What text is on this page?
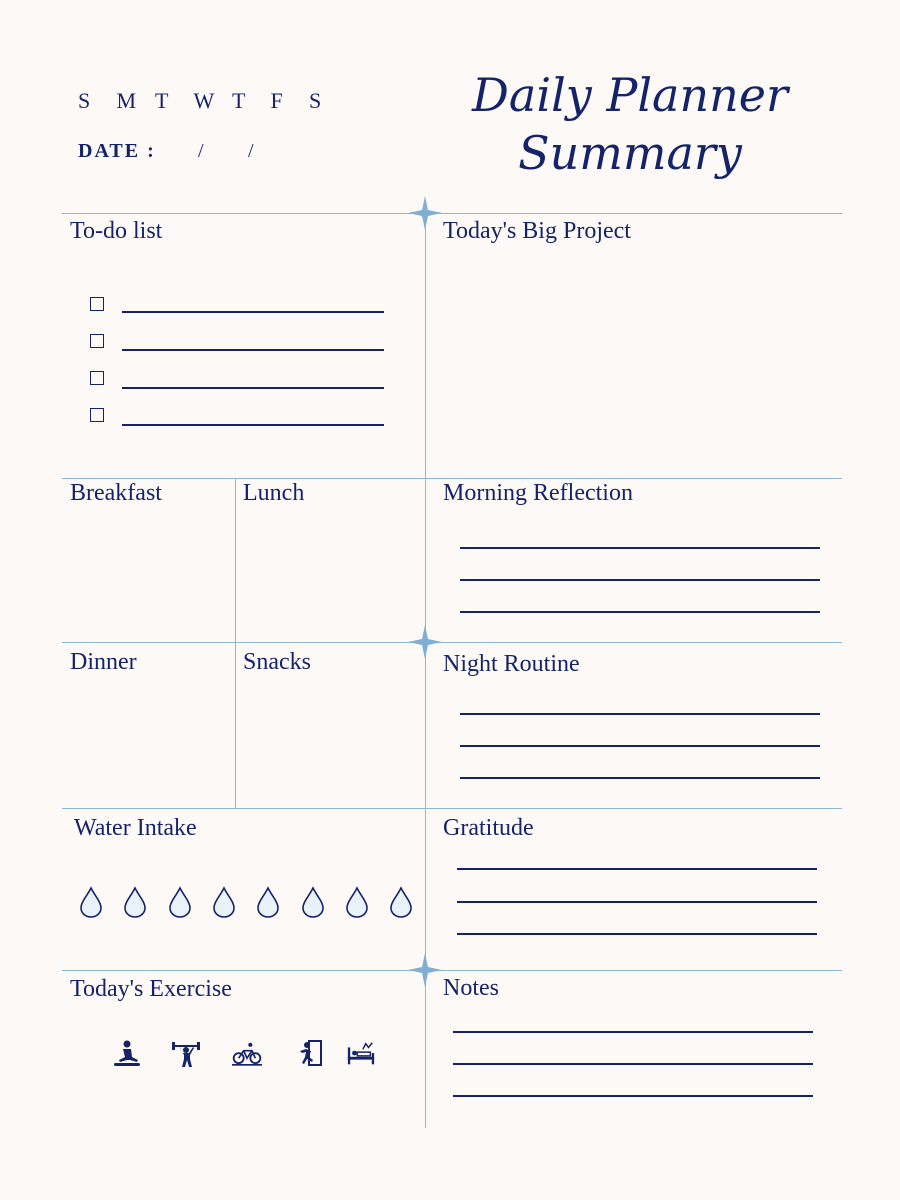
S M T W T F S
DATE : / /
Daily Planner
Summary
To-do list	Today's Big Project
Breakfast	Lunch
Dinner	Snacks
Morning Reflection
Night Routine
Water Intake	Gratitude
Today's Exercise	Notes
